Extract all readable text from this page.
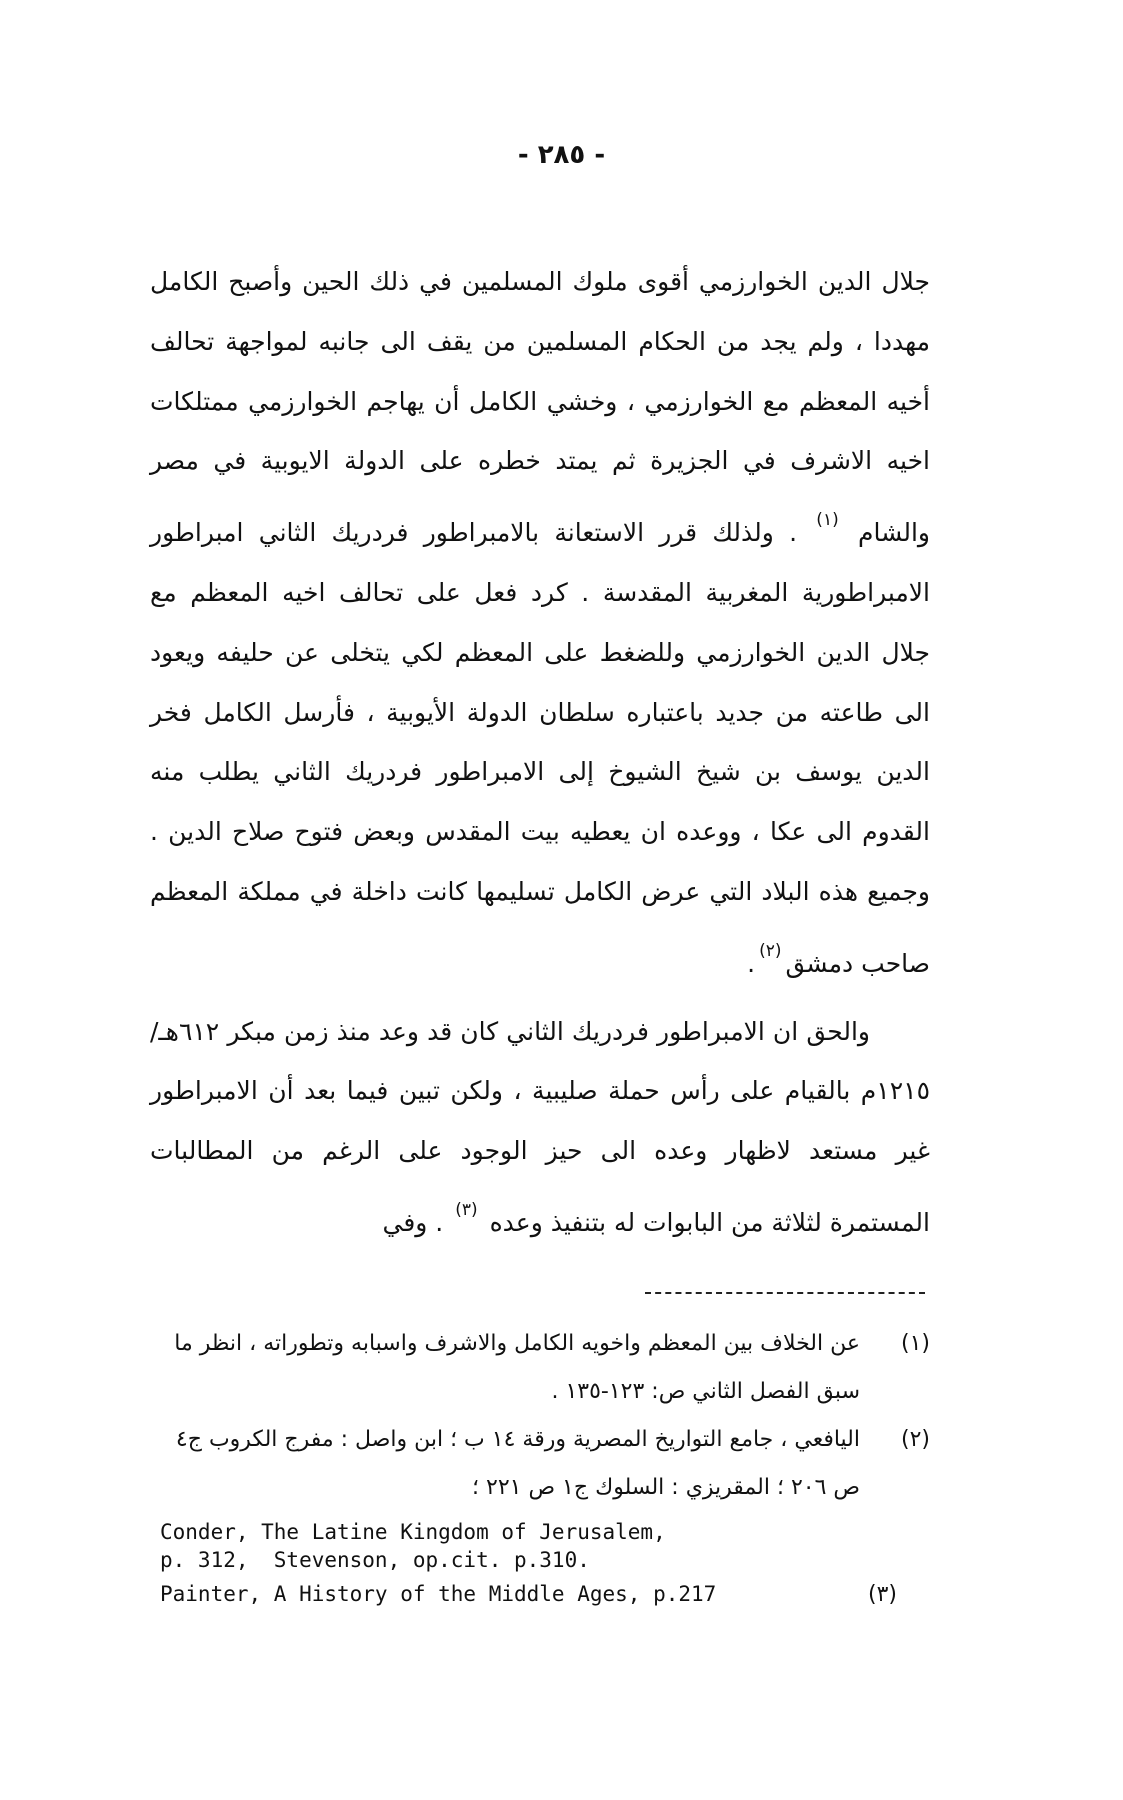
- ٢٨٥ -

جلال الدين الخوارزمي أقوى ملوك المسلمين في ذلك الحين وأصبح الكامل مهددا ، ولم يجد من الحكام المسلمين من يقف الى جانبه لمواجهة تحالف أخيه المعظم مع الخوارزمي ، وخشي الكامل أن يهاجم الخوارزمي ممتلكات اخيه الاشرف في الجزيرة ثم يمتد خطره على الدولة الايوبية في مصر والشام $^{(١)}$ . ولذلك قرر الاستعانة بالامبراطور فردريك الثاني امبراطور الامبراطورية المغربية المقدسة . كرد فعل على تحالف اخيه المعظم مع جلال الدين الخوارزمي وللضغط على المعظم لكي يتخلى عن حليفه ويعود الى طاعته من جديد باعتباره سلطان الدولة الأيوبية ، فأرسل الكامل فخر الدين يوسف بن شيخ الشيوخ إلى الامبراطور فردريك الثاني يطلب منه القدوم الى عكا ، ووعده ان يعطيه بيت المقدس وبعض فتوح صلاح الدين . وجميع هذه البلاد التي عرض الكامل تسليمها كانت داخلة في مملكة المعظم صاحب دمشق$^{(٢)}$.

والحق ان الامبراطور فردريك الثاني كان قد وعد منذ زمن مبكر ٦١٢هـ/ ١٢١٥م بالقيام على رأس حملة صليبية ، ولكن تبين فيما بعد أن الامبراطور غير مستعد لاظهار وعده الى حيز الوجود على الرغم من المطالبات المستمرة لثلاثة من البابوات له بتنفيذ وعده $^{(٣)}$ . وفي

(١)
عن الخلاف بين المعظم واخويه الكامل والاشرف واسبابه وتطوراته ، انظر ما سبق الفصل الثاني ص: ١٢٣-١٣٥ .
(٢)
اليافعي ، جامع التواريخ المصرية ورقة ١٤ ب ؛ ابن واصل : مفرج الكروب ج٤ ص ٢٠٦ ؛ المقريزي : السلوك ج١ ص ٢٢١ ؛
Conder, The Latine Kingdom of Jerusalem,
p. 312,  Stevenson, op.cit. p.310.
Painter, A History of the Middle Ages, p.217	(٣)
